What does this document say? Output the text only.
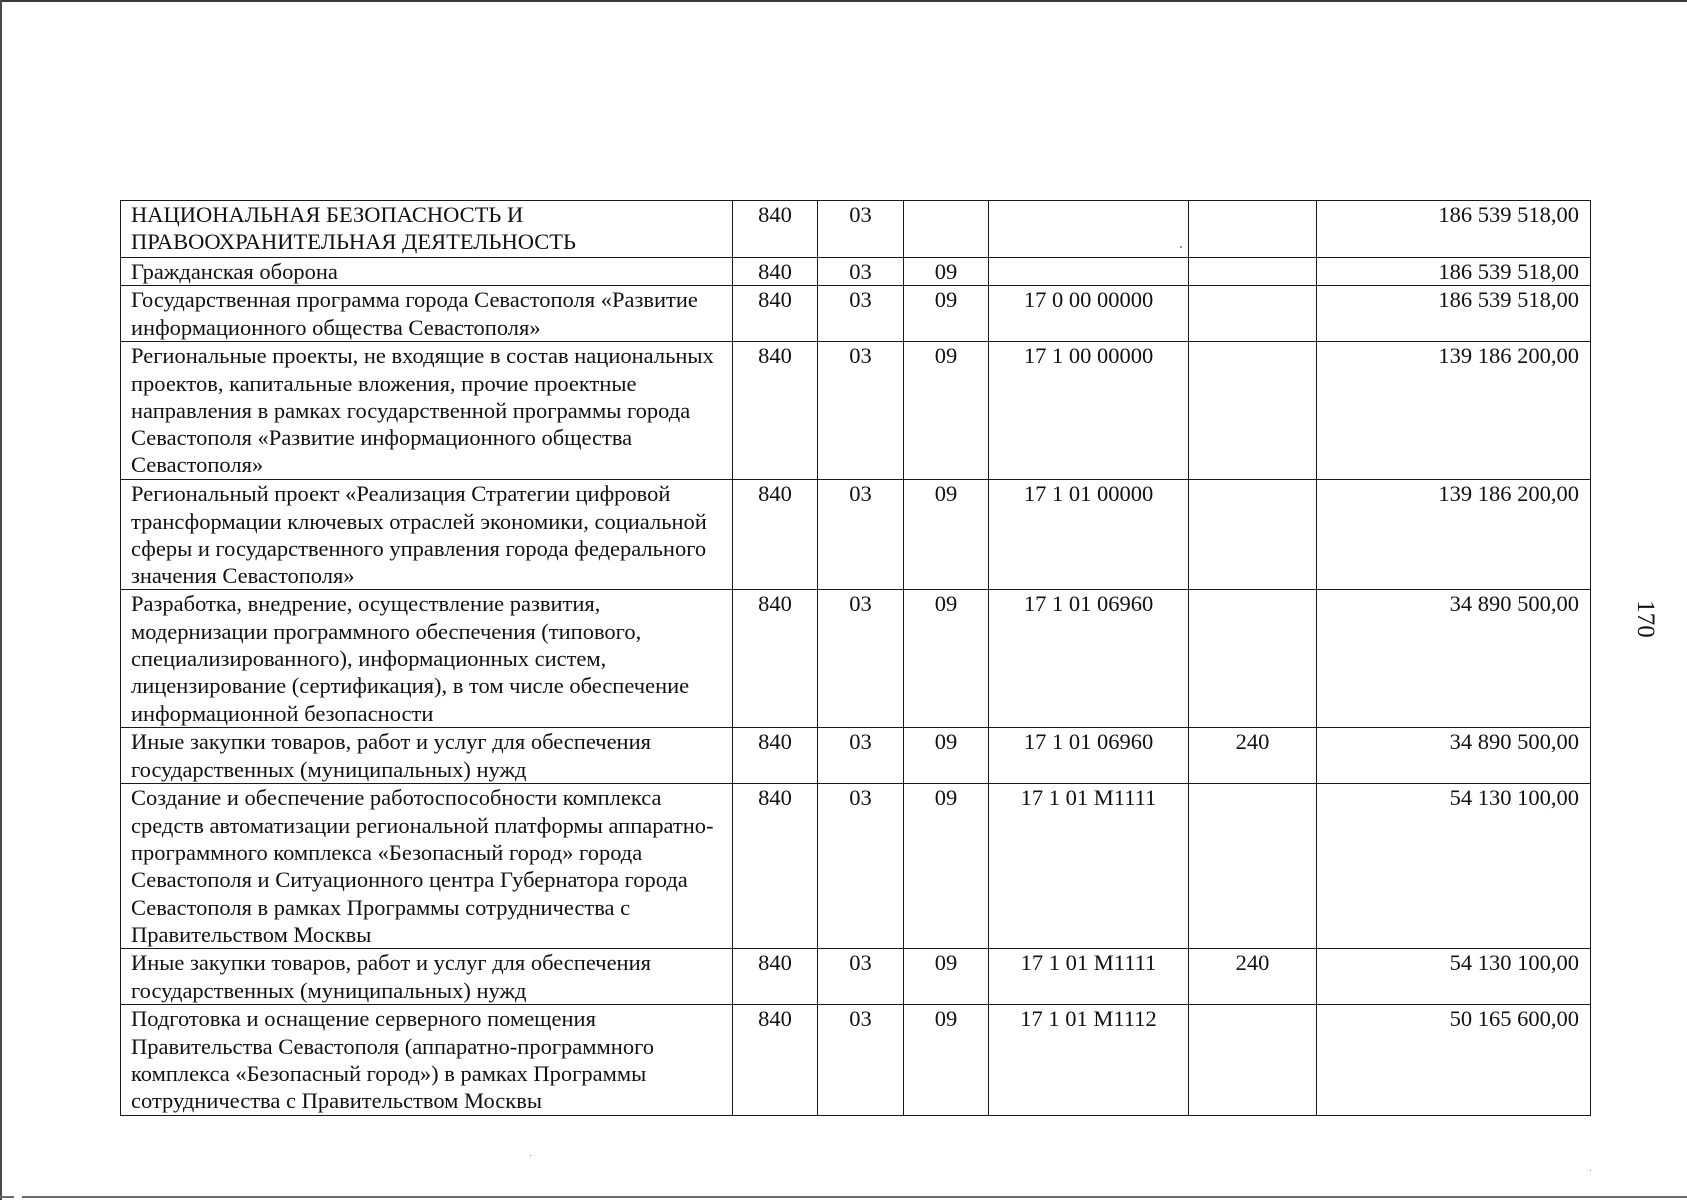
НАЦИОНАЛЬНАЯ БЕЗОПАСНОСТЬ И ПРАВООХРАНИТЕЛЬНАЯ ДЕЯТЕЛЬНОСТЬ	840	03				186 539 518,00
Гражданская оборона	840	03	09			186 539 518,00
Государственная программа города Севастополя «Развитие информационного общества Севастополя»	840	03	09	17 0 00 00000		186 539 518,00
Региональные проекты, не входящие в состав национальных проектов, капитальные вложения, прочие проектные направления в рамках государственной программы города Севастополя «Развитие информационного общества Севастополя»	840	03	09	17 1 00 00000		139 186 200,00
Региональный проект «Реализация Стратегии цифровой трансформации ключевых отраслей экономики, социальной сферы и государственного управления города федерального значения Севастополя»	840	03	09	17 1 01 00000		139 186 200,00
Разработка, внедрение, осуществление развития, модернизации программного обеспечения (типового, специализированного), информационных систем, лицензирование (сертификация), в том числе обеспечение информационной безопасности	840	03	09	17 1 01 06960		34 890 500,00
Иные закупки товаров, работ и услуг для обеспечения государственных (муниципальных) нужд	840	03	09	17 1 01 06960	240	34 890 500,00
Создание и обеспечение работоспособности комплекса средств автоматизации региональной платформы аппаратно-программного комплекса «Безопасный город» города Севастополя и Ситуационного центра Губернатора города Севастополя в рамках Программы сотрудничества с Правительством Москвы	840	03	09	17 1 01 М1111		54 130 100,00
Иные закупки товаров, работ и услуг для обеспечения государственных (муниципальных) нужд	840	03	09	17 1 01 М1111	240	54 130 100,00
Подготовка и оснащение серверного помещения Правительства Севастополя (аппаратно-программного комплекса «Безопасный город») в рамках Программы сотрудничества с Правительством Москвы	840	03	09	17 1 01 М1112		50 165 600,00
170
